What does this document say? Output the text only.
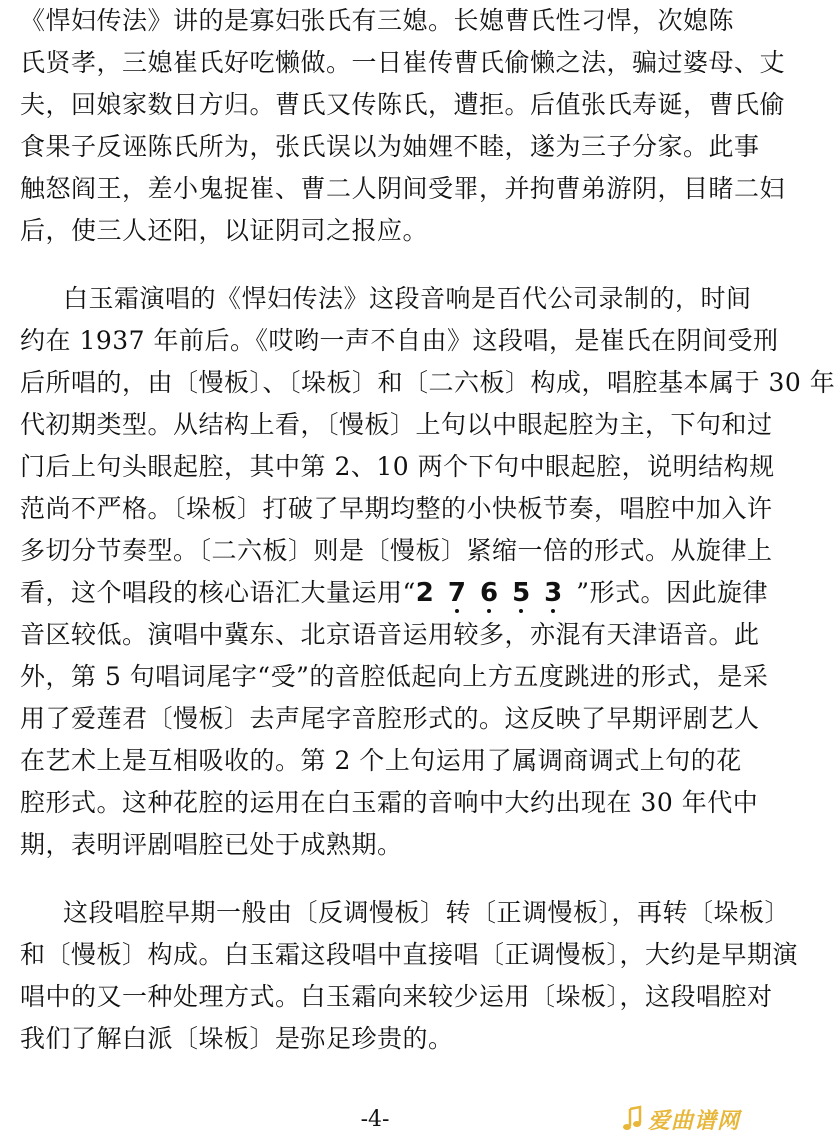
《悍妇传法》讲的是寡妇张氏有三媳。长媳曹氏性刁悍，次媳陈
氏贤孝，三媳崔氏好吃懒做。一日崔传曹氏偷懒之法，骗过婆母、丈
夫，回娘家数日方归。曹氏又传陈氏，遭拒。后值张氏寿诞，曹氏偷
食果子反诬陈氏所为，张氏误以为妯娌不睦，遂为三子分家。此事
触怒阎王，差小鬼捉崔、曹二人阴间受罪，并拘曹弟游阴，目睹二妇
后，使三人还阳，以证阴司之报应。
白玉霜演唱的《悍妇传法》这段音响是百代公司录制的，时间
约在 1937 年前后。《哎哟一声不自由》这段唱，是崔氏在阴间受刑
后所唱的，由〔慢板〕、〔垛板〕和〔二六板〕构成，唱腔基本属于 30 年
代初期类型。从结构上看，〔慢板〕上句以中眼起腔为主，下句和过
门后上句头眼起腔，其中第 2、10 两个下句中眼起腔，说明结构规
范尚不严格。〔垛板〕打破了早期均整的小快板节奏，唱腔中加入许
多切分节奏型。〔二六板〕则是〔慢板〕紧缩一倍的形式。从旋律上
看，这个唱段的核心语汇大量运用“27653”形式。因此旋律
音区较低。演唱中冀东、北京语音运用较多，亦混有天津语音。此
外，第 5 句唱词尾字“受”的音腔低起向上方五度跳进的形式，是采
用了爱莲君〔慢板〕去声尾字音腔形式的。这反映了早期评剧艺人
在艺术上是互相吸收的。第 2 个上句运用了属调商调式上句的花
腔形式。这种花腔的运用在白玉霜的音响中大约出现在 30 年代中
期，表明评剧唱腔已处于成熟期。
这段唱腔早期一般由〔反调慢板〕转〔正调慢板〕，再转〔垛板〕
和〔慢板〕构成。白玉霜这段唱中直接唱〔正调慢板〕，大约是早期演
唱中的又一种处理方式。白玉霜向来较少运用〔垛板〕，这段唱腔对
我们了解白派〔垛板〕是弥足珍贵的。
-4-	爱曲谱网
